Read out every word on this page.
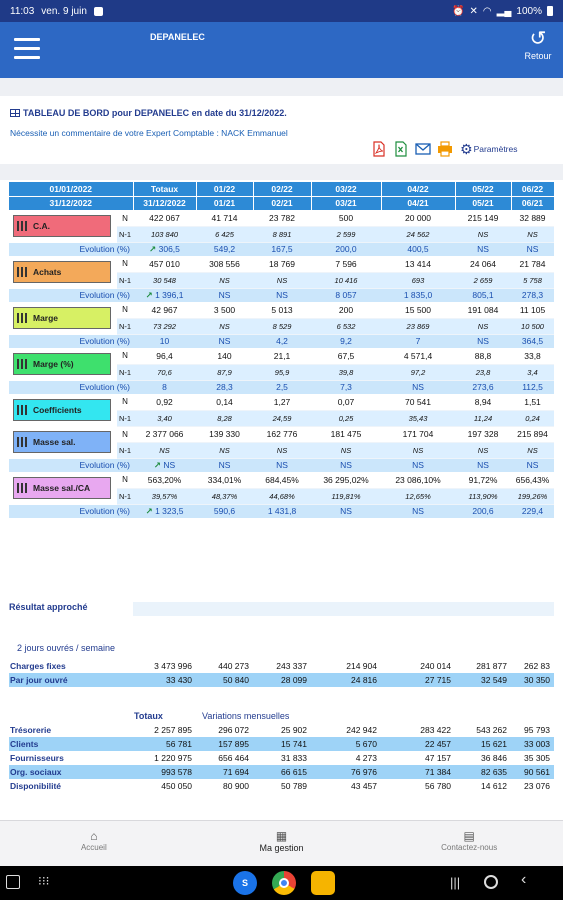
11:03 ven. 9 juin	⏰ ✕ ◠ ▂▄ 100%
DEPANELEC	↺
Retour
TABLEAU DE BORD pour DEPANELEC en date du 31/12/2022.
Nécessite un commentaire de votre Expert Comptable : NACK Emmanuel
⚙ Paramètres
01/01/2022		Totaux	01/22	02/22	03/22	04/22	05/22	06/22
31/12/2022		31/12/2022	01/21	02/21	03/21	04/21	05/21	06/21

C.A.	N	422 067	41 714	23 782	500	20 000	215 149	32 889
	N-1	103 840	6 425	8 891	2 599	24 562	NS	NS
Evolution (%)		↗ 306,5	549,2	167,5	200,0	400,5	NS	NS

Achats	N	457 010	308 556	18 769	7 596	13 414	24 064	21 784
	N-1	30 548	NS	NS	10 416	693	2 659	5 758
Evolution (%)		↗ 1 396,1	NS	NS	8 057	1 835,0	805,1	278,3

Marge	N	42 967	3 500	5 013	200	15 500	191 084	11 105
	N-1	73 292	NS	8 529	6 532	23 869	NS	10 500
Evolution (%)		10	NS	4,2	9,2	7	NS	364,5

Marge (%)	N	96,4	140	21,1	67,5	4 571,4	88,8	33,8
	N-1	70,6	87,9	95,9	39,8	97,2	23,8	3,4
Evolution (%)		8	28,3	2,5	7,3	NS	273,6	112,5

Coefficients	N	0,92	0,14	1,27	0,07	70 541	8,94	1,51
	N-1	3,40	8,28	24,59	0,25	35,43	11,24	0,24

Masse sal.	N	2 377 066	139 330	162 776	181 475	171 704	197 328	215 894
	N-1	NS	NS	NS	NS	NS	NS	NS
Evolution (%)		↗ NS	NS	NS	NS	NS	NS	NS

Masse sal./CA	N	563,20%	334,01%	684,45%	36 295,02%	23 086,10%	91,72%	656,43%
	N-1	39,57%	48,37%	44,68%	119,81%	12,65%	113,90%	199,26%
Evolution (%)		↗ 1 323,5	590,6	1 431,8	NS	NS	200,6	229,4
Résultat approché
2 jours ouvrés / semaine
Charges fixes	3 473 996	440 273	243 337	214 904	240 014	281 877	262 83
Par jour ouvré	33 430	50 840	28 099	24 816	27 715	32 549	30 350
Totaux	Variations mensuelles
Trésorerie	2 257 895	296 072	25 902	242 942	283 422	543 262	95 793
Clients	56 781	157 895	15 741	5 670	22 457	15 621	33 003
Fournisseurs	1 220 975	656 464	31 833	4 273	47 157	36 846	35 305
Org. sociaux	993 578	71 694	66 615	76 976	71 384	82 635	90 561
Disponibilité	450 050	80 900	50 789	43 457	56 780	14 612	23 076
⌂
Accueil
▦
Ma gestion
▤
Contactez-nous
⁝⁝⁝	S	|||	‹
